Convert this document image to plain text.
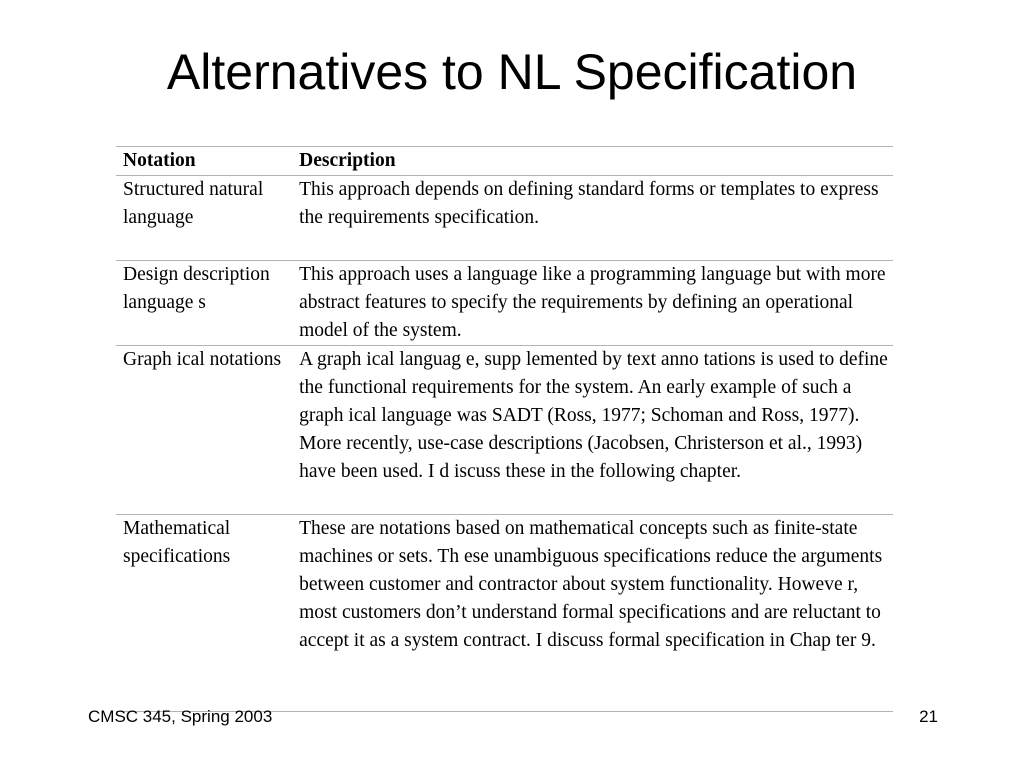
Alternatives to NL Specification
Notation	Description
Structured natural language	This approach depends on defining standard forms or templates to express the requirements specification.
Design description language s	This approach uses a language like a programming language but with more abstract features to specify the requirements by defining an operational model of the system.
Graph ical notations	A graph ical languag e, supp lemented by text anno tations is used to define the functional requirements for the system. An early example of such a graph ical language was SADT (Ross, 1977; Schoman and Ross, 1977). More recently, use-case descriptions (Jacobsen, Christerson et al., 1993) have been used. I d iscuss these in the following chapter.
Mathematical specifications	These are notations based on mathematical concepts such as finite-state machines or sets. Th ese unambiguous specifications reduce the arguments between customer and contractor about system functionality. Howeve r, most customers don’t understand formal specifications and are reluctant to accept it as a system contract. I discuss formal specification in Chap ter 9.
CMSC 345, Spring 2003	21
